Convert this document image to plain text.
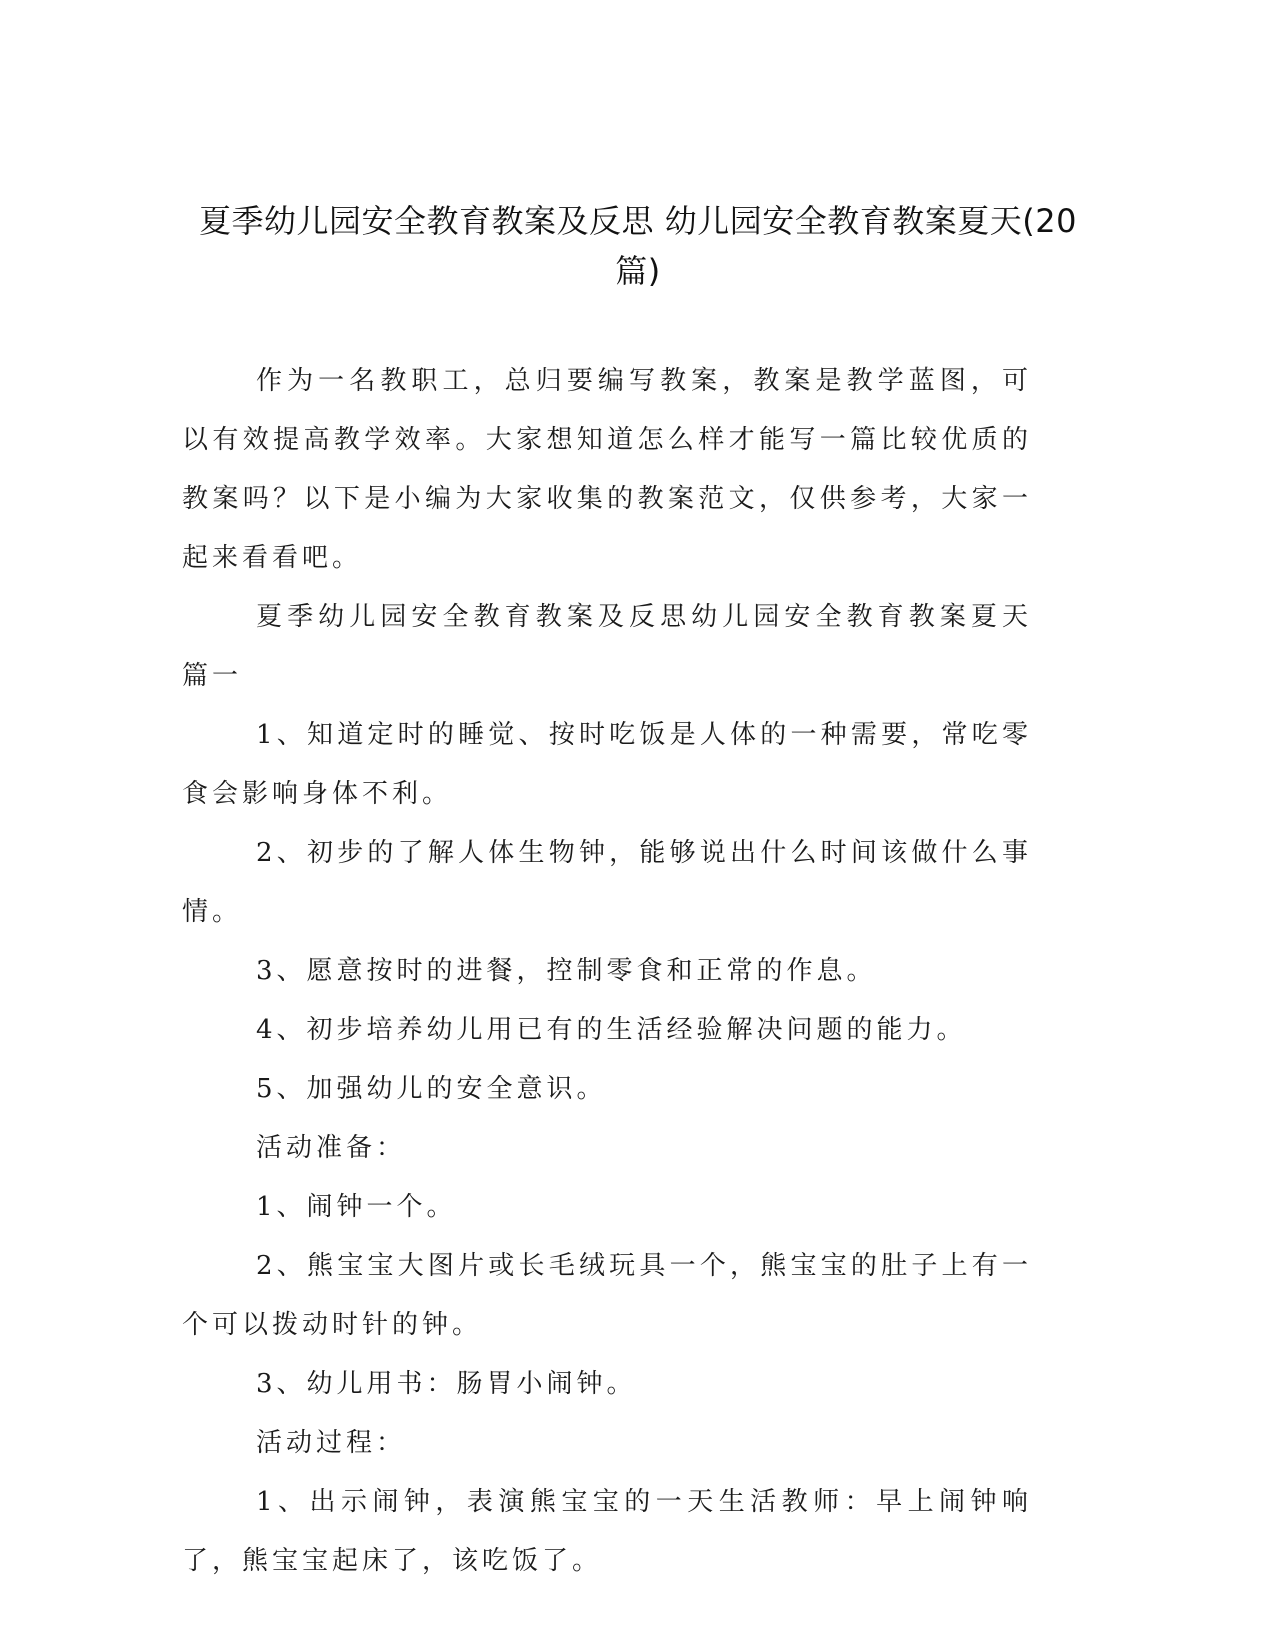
夏季幼儿园安全教育教案及反思 幼儿园安全教育教案夏天(20篇)

作为一名教职工，总归要编写教案，教案是教学蓝图，可以有效提高教学效率。大家想知道怎么样才能写一篇比较优质的教案吗？以下是小编为大家收集的教案范文，仅供参考，大家一起来看看吧。

夏季幼儿园安全教育教案及反思幼儿园安全教育教案夏天篇一

1、知道定时的睡觉、按时吃饭是人体的一种需要，常吃零食会影响身体不利。

2、初步的了解人体生物钟，能够说出什么时间该做什么事情。

3、愿意按时的进餐，控制零食和正常的作息。

4、初步培养幼儿用已有的生活经验解决问题的能力。

5、加强幼儿的安全意识。

活动准备：

1、闹钟一个。

2、熊宝宝大图片或长毛绒玩具一个，熊宝宝的肚子上有一个可以拨动时针的钟。

3、幼儿用书：肠胃小闹钟。

活动过程：

1、出示闹钟，表演熊宝宝的一天生活教师：早上闹钟响了，熊宝宝起床了，该吃饭了。
